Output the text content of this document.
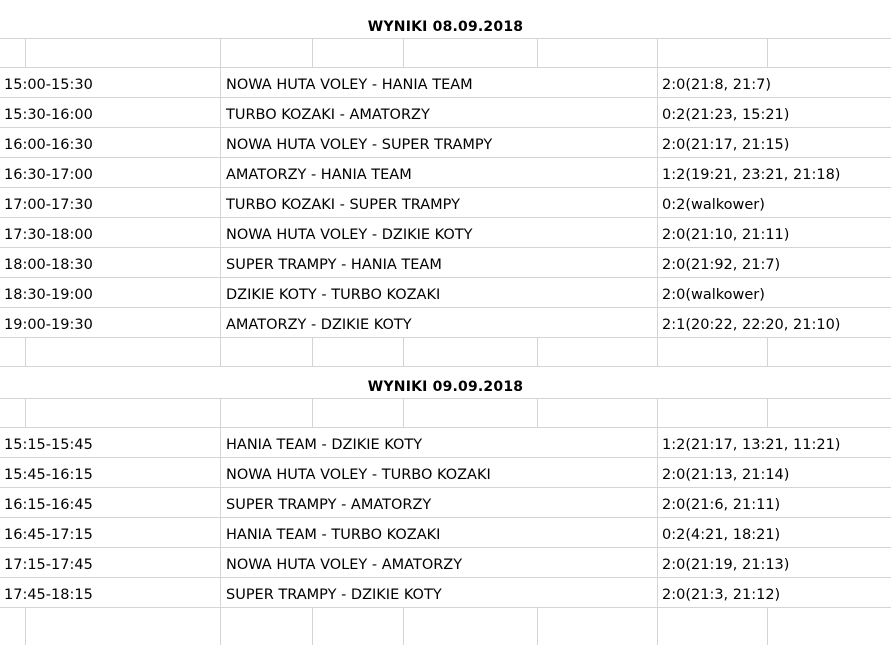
WYNIKI 08.09.2018
15:00-15:30	NOWA HUTA VOLEY - HANIA TEAM	2:0(21:8, 21:7)
15:30-16:00	TURBO KOZAKI - AMATORZY	0:2(21:23, 15:21)
16:00-16:30	NOWA HUTA VOLEY - SUPER TRAMPY	2:0(21:17, 21:15)
16:30-17:00	AMATORZY - HANIA TEAM	1:2(19:21, 23:21, 21:18)
17:00-17:30	TURBO KOZAKI - SUPER TRAMPY	0:2(walkower)
17:30-18:00	NOWA HUTA VOLEY - DZIKIE KOTY	2:0(21:10, 21:11)
18:00-18:30	SUPER TRAMPY - HANIA TEAM	2:0(21:92, 21:7)
18:30-19:00	DZIKIE KOTY - TURBO KOZAKI	2:0(walkower)
19:00-19:30	AMATORZY - DZIKIE KOTY	2:1(20:22, 22:20, 21:10)
WYNIKI 09.09.2018
15:15-15:45	HANIA TEAM - DZIKIE KOTY	1:2(21:17, 13:21, 11:21)
15:45-16:15	NOWA HUTA VOLEY - TURBO KOZAKI	2:0(21:13, 21:14)
16:15-16:45	SUPER TRAMPY - AMATORZY	2:0(21:6, 21:11)
16:45-17:15	HANIA TEAM - TURBO KOZAKI	0:2(4:21, 18:21)
17:15-17:45	NOWA HUTA VOLEY - AMATORZY	2:0(21:19, 21:13)
17:45-18:15	SUPER TRAMPY - DZIKIE KOTY	2:0(21:3, 21:12)
